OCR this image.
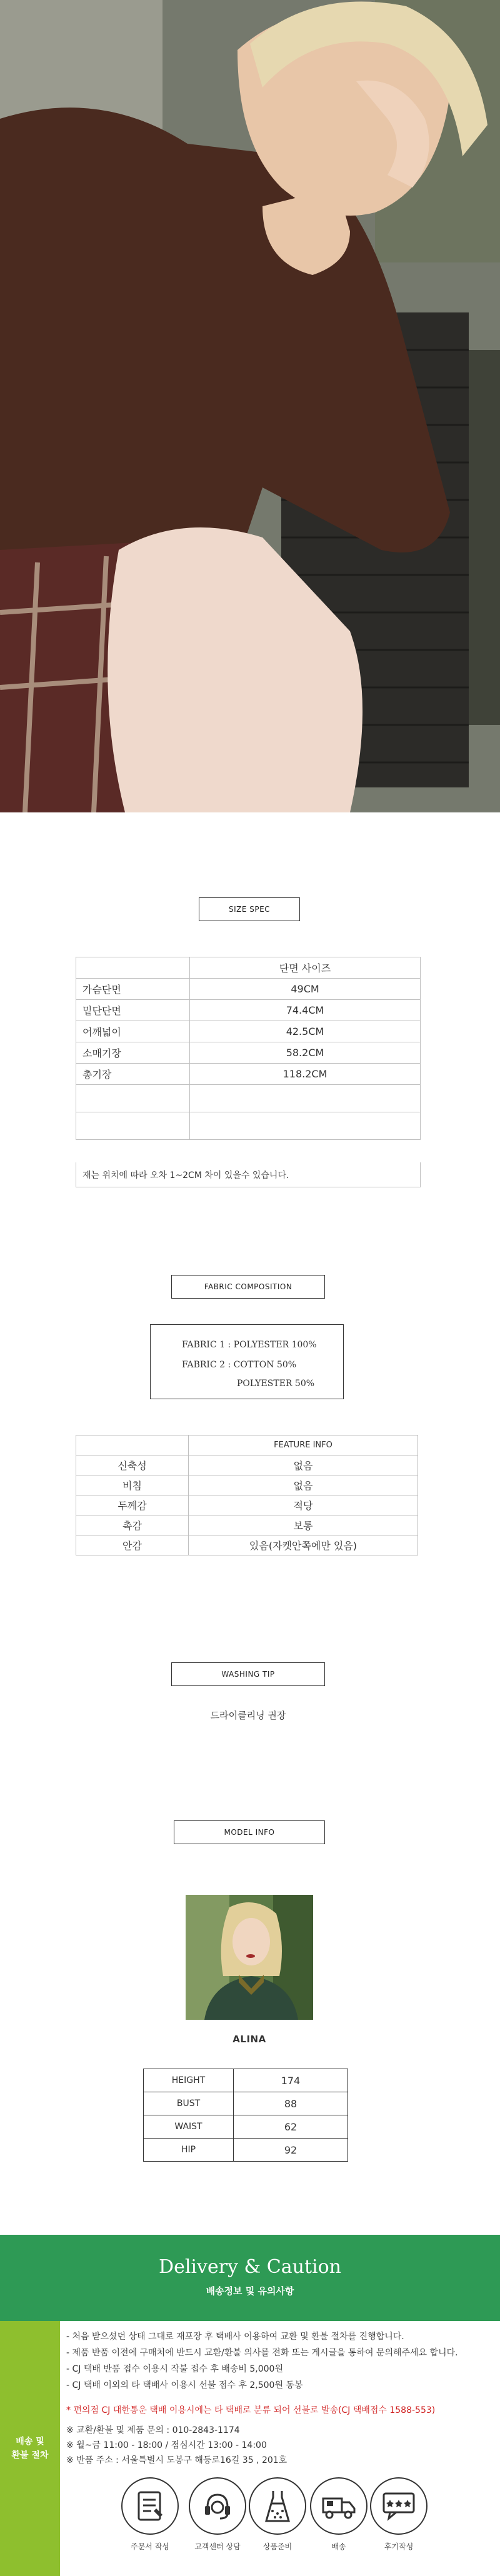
SIZE SPEC
	단면 사이즈
가슴단면	49CM
밑단단면	74.4CM
어깨넓이	42.5CM
소매기장	58.2CM
총기장	118.2CM

재는 위치에 따라 오차 1~2CM 차이 있을수 있습니다.
FABRIC COMPOSITION
FABRIC 1 : POLYESTER 100%
FABRIC 2 : COTTON 50%
POLYESTER 50%
	FEATURE INFO
신축성	없음
비침	없음
두께감	적당
촉감	보통
안감	있음(자켓안쪽에만 있음)
WASHING TIP
드라이클리닝 권장
MODEL INFO
ALINA
HEIGHT	174
BUST	88
WAIST	62
HIP	92
Delivery & Caution
배송정보 및 유의사항
배송 및
환불 절차
- 처음 받으셨던 상태 그대로 재포장 후 택배사 이용하여 교환 및 환불 절차를 진행합니다.
- 제품 반품 이전에 구매처에 반드시 교환/환불 의사를 전화 또는 게시글을 통하여 문의해주세요 합니다.
- CJ 택배 반품 접수 이용시 작불 접수 후 배송비 5,000원
- CJ 택배 이외의 타 택배사 이용시 선불 접수 후 2,500원 동봉
* 편의점 CJ 대한통운 택배 이용시에는 타 택배로 분류 되어 선불로 발송(CJ 택배접수 1588-553)
※ 교환/환불 및 제품 문의 : 010-2843-1174
※ 월~금 11:00 - 18:00 / 점심시간 13:00 - 14:00
※ 반품 주소 : 서울특별시 도봉구 해등로16길 35 , 201호
주문서 작성	고객센터 상담	상품준비	배송	후기작성
